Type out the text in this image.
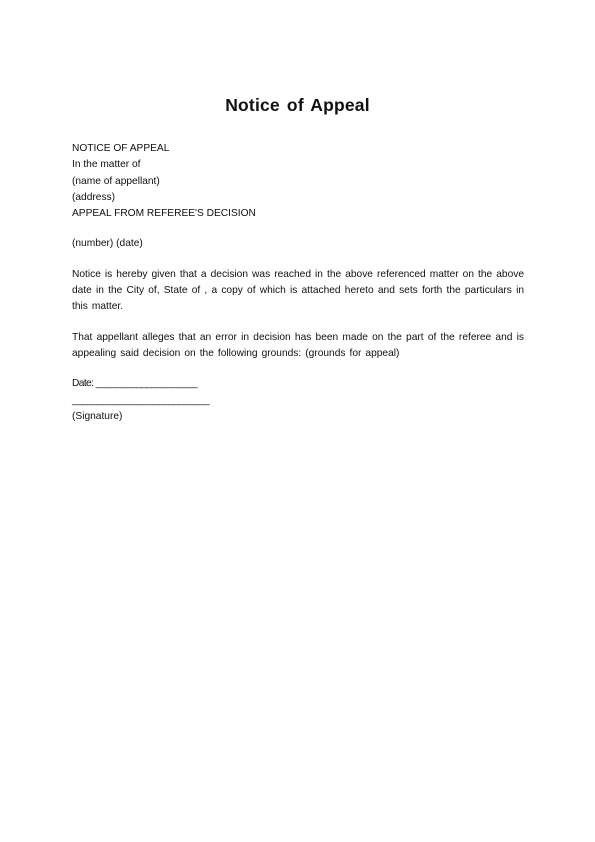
Notice of Appeal
NOTICE OF APPEAL
In the matter of
(name of appellant)
(address)
APPEAL FROM REFEREE'S DECISION
(number) (date)
Notice is hereby given that a decision was reached in the above referenced matter on the above date in the City of, State of , a copy of which is attached hereto and sets forth the particulars in this matter.
That appellant alleges that an error in decision has been made on the part of the referee and is appealing said decision on the following grounds: (grounds for appeal)
Date: ____________________
___________________________
(Signature)
